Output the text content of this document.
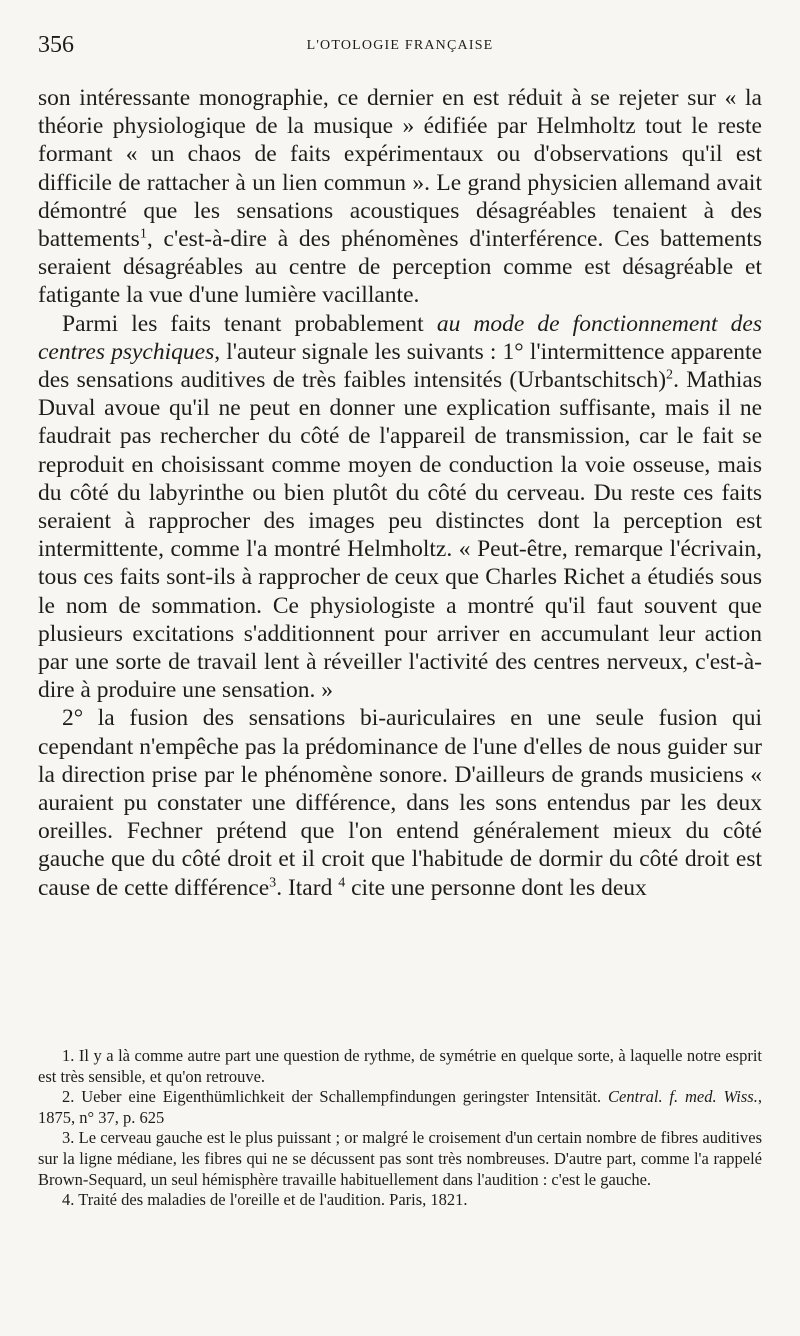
356	L'OTOLOGIE FRANÇAISE

son intéressante monographie, ce dernier en est réduit à se rejeter sur « la théorie physiologique de la musique » édifiée par Helmholtz tout le reste formant « un chaos de faits expérimentaux ou d'observations qu'il est difficile de rattacher à un lien commun ». Le grand physicien allemand avait démontré que les sensations acoustiques désagréables tenaient à des battements$^1$, c'est-à-dire à des phénomènes d'interférence. Ces battements seraient désagréables au centre de perception comme est désagréable et fatigante la vue d'une lumière vacillante.

Parmi les faits tenant probablement au mode de fonctionnement des centres psychiques, l'auteur signale les suivants : 1° l'intermittence apparente des sensations auditives de très faibles intensités (Urbantschitsch)$^2$. Mathias Duval avoue qu'il ne peut en donner une explication suffisante, mais il ne faudrait pas rechercher du côté de l'appareil de transmission, car le fait se reproduit en choisissant comme moyen de conduction la voie osseuse, mais du côté du labyrinthe ou bien plutôt du côté du cerveau. Du reste ces faits seraient à rapprocher des images peu distinctes dont la perception est intermittente, comme l'a montré Helmholtz. « Peut-être, remarque l'écrivain, tous ces faits sont-ils à rapprocher de ceux que Charles Richet a étudiés sous le nom de sommation. Ce physiologiste a montré qu'il faut souvent que plusieurs excitations s'additionnent pour arriver en accumulant leur action par une sorte de travail lent à réveiller l'activité des centres nerveux, c'est-à-dire à produire une sensation. »

2° la fusion des sensations bi-auriculaires en une seule fusion qui cependant n'empêche pas la prédominance de l'une d'elles de nous guider sur la direction prise par le phénomène sonore. D'ailleurs de grands musiciens « auraient pu constater une différence, dans les sons entendus par les deux oreilles. Fechner prétend que l'on entend généralement mieux du côté gauche que du côté droit et il croit que l'habitude de dormir du côté droit est cause de cette différence$^3$. Itard $^4$ cite une personne dont les deux

1. Il y a là comme autre part une question de rythme, de symétrie en quelque sorte, à laquelle notre esprit est très sensible, et qu'on retrouve.

2. Ueber eine Eigenthümlichkeit der Schallempfindungen geringster Intensität. Central. f. med. Wiss., 1875, n° 37, p. 625

3. Le cerveau gauche est le plus puissant ; or malgré le croisement d'un certain nombre de fibres auditives sur la ligne médiane, les fibres qui ne se décussent pas sont très nombreuses. D'autre part, comme l'a rappelé Brown-Sequard, un seul hémisphère travaille habituellement dans l'audition : c'est le gauche.

4. Traité des maladies de l'oreille et de l'audition. Paris, 1821.
